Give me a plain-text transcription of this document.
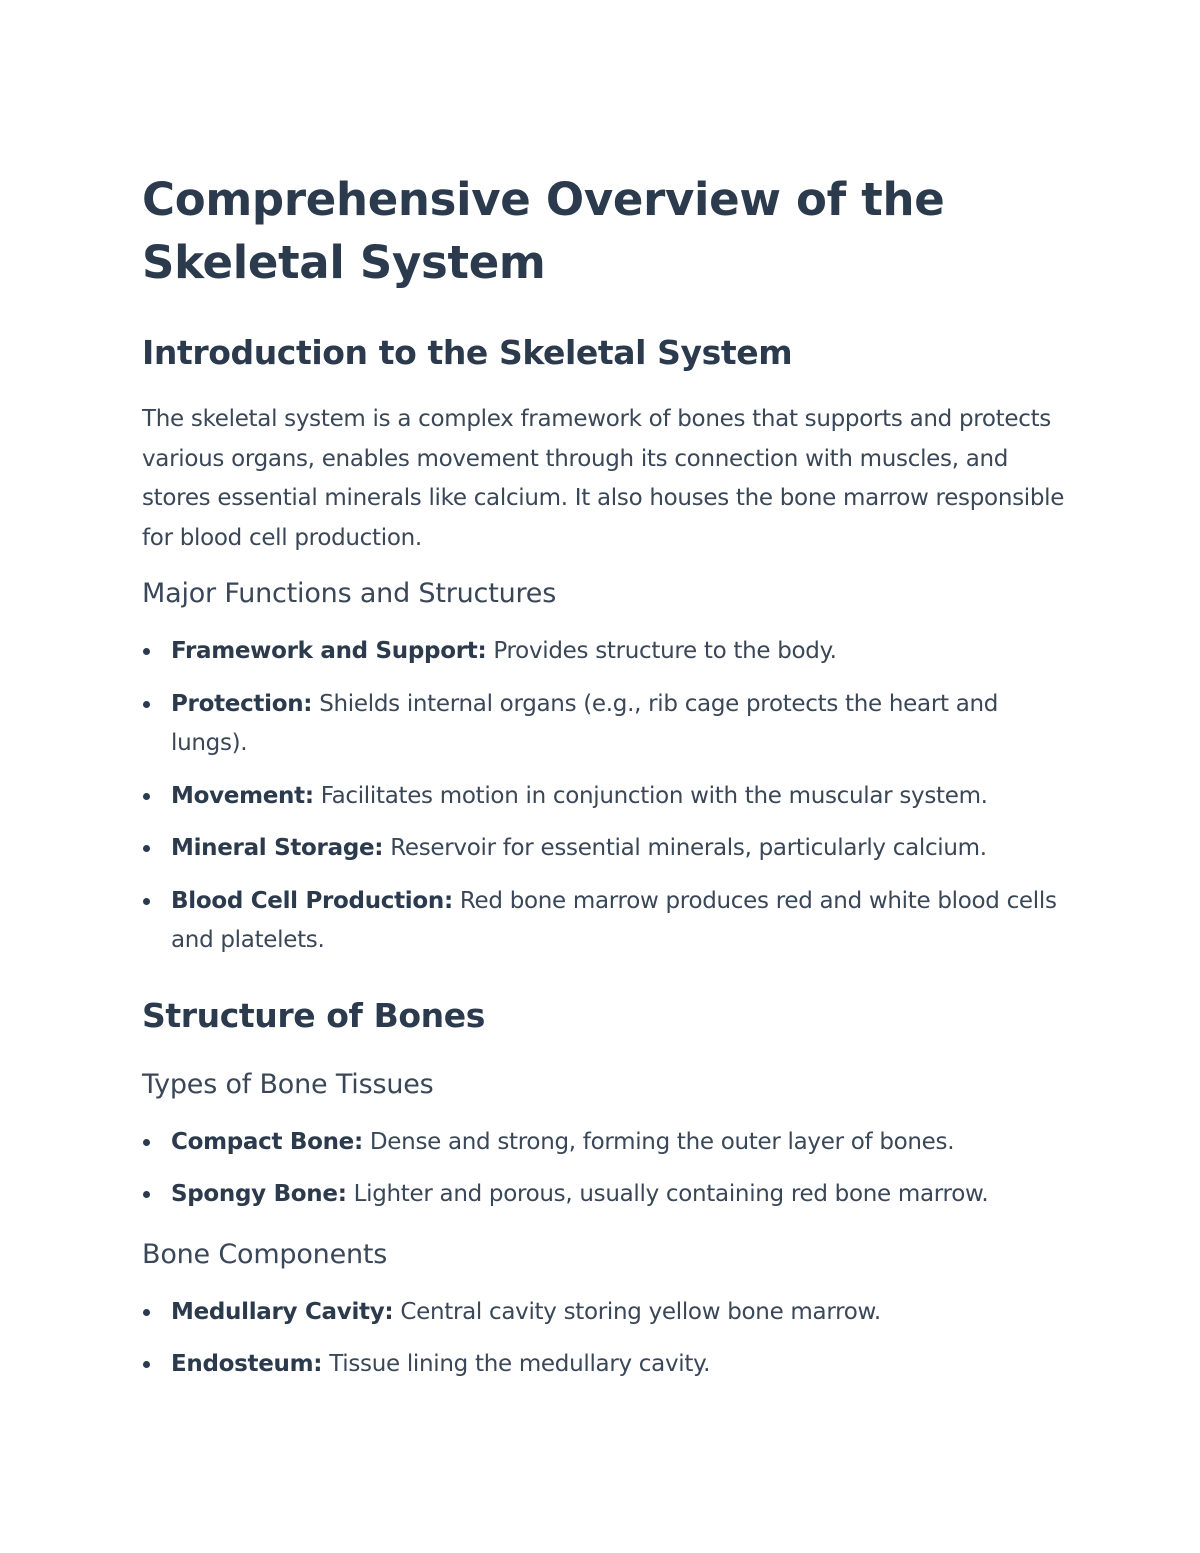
Comprehensive Overview of the
Skeletal System
Introduction to the Skeletal System

The skeletal system is a complex framework of bones that supports and protects various organs, enables movement through its connection with muscles, and stores essential minerals like calcium. It also houses the bone marrow responsible for blood cell production.

Major Functions and Structures
Framework and Support: Provides structure to the body.
Protection: Shields internal organs (e.g., rib cage protects the heart and lungs).
Movement: Facilitates motion in conjunction with the muscular system.
Mineral Storage: Reservoir for essential minerals, particularly calcium.
Blood Cell Production: Red bone marrow produces red and white blood cells and platelets.
Structure of Bones
Types of Bone Tissues
Compact Bone: Dense and strong, forming the outer layer of bones.
Spongy Bone: Lighter and porous, usually containing red bone marrow.
Bone Components
Medullary Cavity: Central cavity storing yellow bone marrow.
Endosteum: Tissue lining the medullary cavity.
